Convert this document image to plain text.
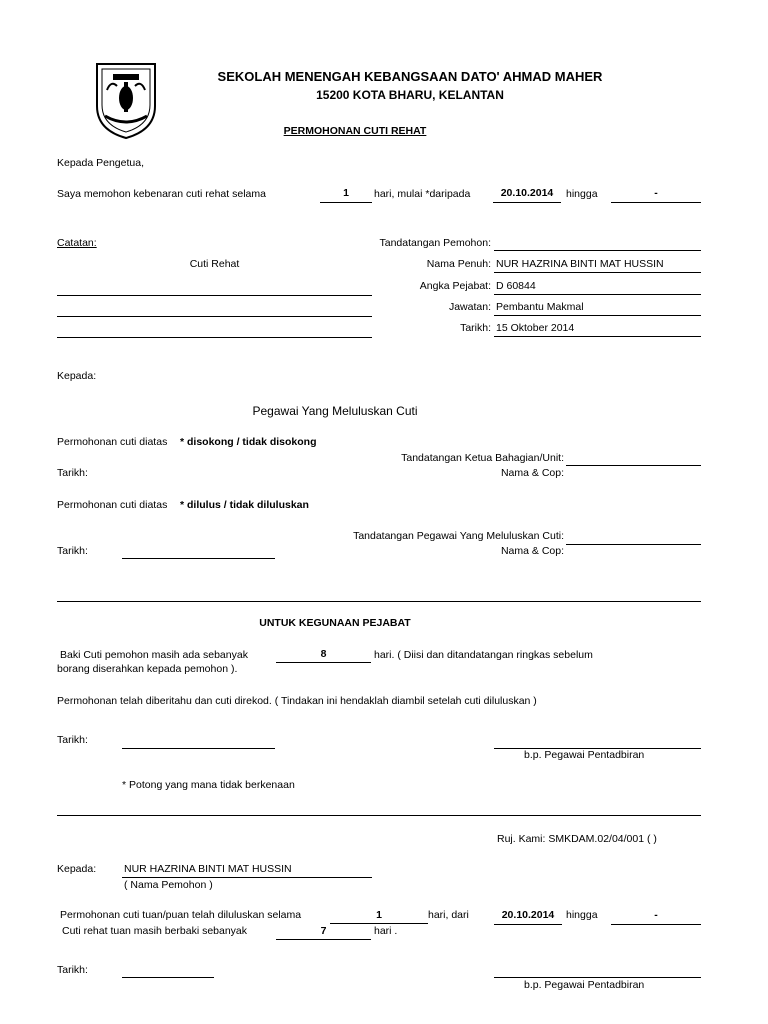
SEKOLAH MENENGAH KEBANGSAAN DATO' AHMAD MAHER
15200 KOTA BHARU, KELANTAN
PERMOHONAN CUTI REHAT
Kepada Pengetua,
Saya memohon kebenaran cuti rehat selama	1	hari, mulai *daripada	20.10.2014	hingga	-
Catatan:
Cuti Rehat
Tandatangan Pemohon:
Nama Penuh: NUR HAZRINA BINTI MAT HUSSIN
Angka Pejabat: D 60844
Jawatan: Pembantu Makmal
Tarikh: 15 Oktober 2014
Kepada:
Pegawai Yang Meluluskan Cuti
Permohonan cuti diatas * disokong / tidak disokong
Tandatangan Ketua Bahagian/Unit:
Tarikh:	Nama & Cop:
Permohonan cuti diatas * dilulus / tidak diluluskan
Tandatangan Pegawai Yang Meluluskan Cuti:
Tarikh:	Nama & Cop:
UNTUK KEGUNAAN PEJABAT
Baki Cuti pemohon masih ada sebanyak	8	hari. ( Diisi dan ditandatangan ringkas sebelum
borang diserahkan kepada pemohon ).
Permohonan telah diberitahu dan cuti direkod. ( Tindakan ini hendaklah diambil setelah cuti diluluskan )
Tarikh:
b.p. Pegawai Pentadbiran
* Potong yang mana tidak berkenaan
Ruj. Kami: SMKDAM.02/04/001 ( )
Kepada:	NUR HAZRINA BINTI MAT HUSSIN
( Nama Pemohon )
Permohonan cuti tuan/puan telah diluluskan selama	1	hari, dari	20.10.2014	hingga	-
Cuti rehat tuan masih berbaki sebanyak	7	hari .
Tarikh:
b.p. Pegawai Pentadbiran
